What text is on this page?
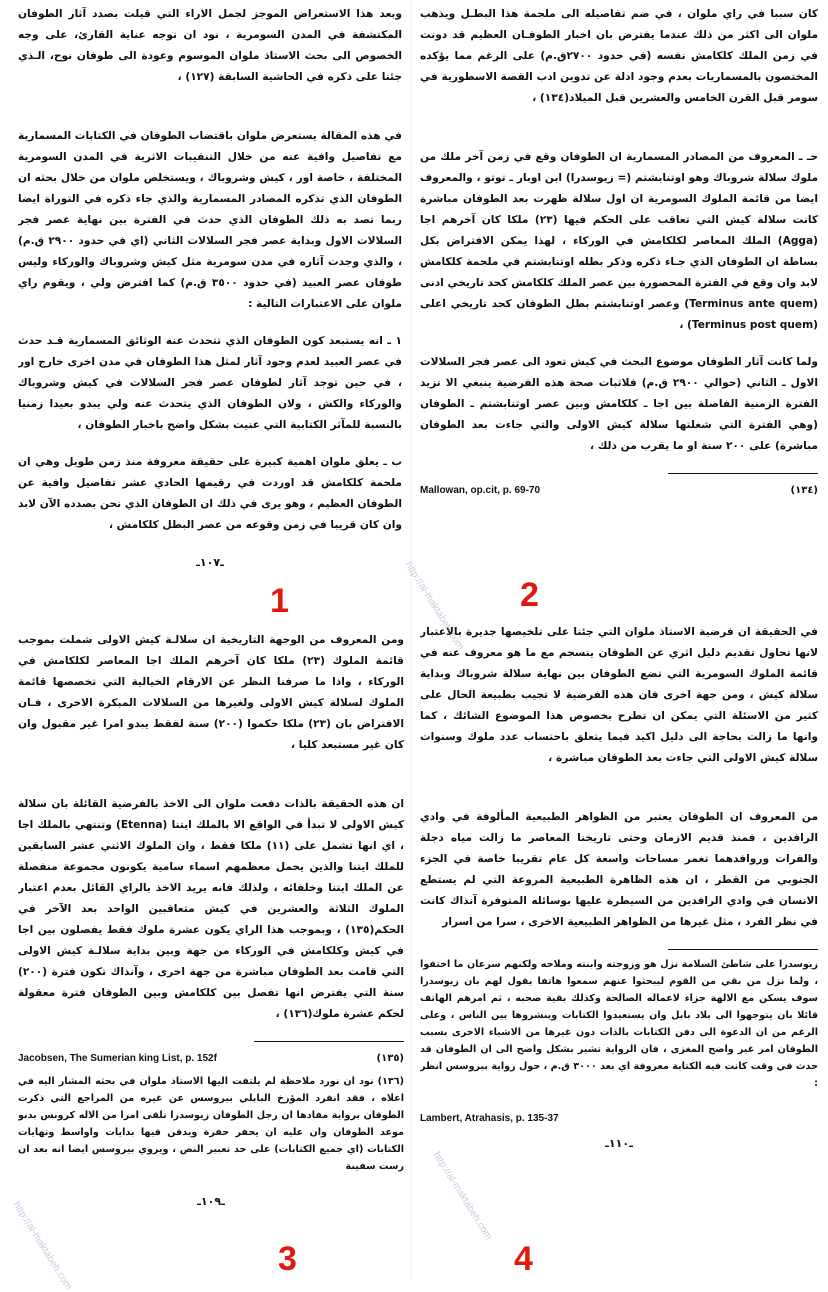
وبعد هذا الاستعراض الموجز لجمل الاراء التي قيلت بصدد آثار الطوفان المكتشفة في المدن السومرية ، نود ان نوجه عناية القارئ، على وجه الخصوص الى بحث الاستاذ ملوان الموسوم وعودة الى طوفان نوح، الـذي جئنا على ذكره في الحاشية السابقة (١٢٧) ،

في هذه المقالة يستعرض ملوان باقتضاب الطوفان في الكتابات المسمارية مع تفاصيل وافية عنه من خلال التنقيبات الاثرية في المدن السومرية المختلفة ، خاصة اور ، كيش وشروباك ، ويستخلص ملوان من خلال بحثه ان الطوفان الذي تذكره المصادر المسمارية والذي جاء ذكره في التوراة ايضا ربما تصد به ذلك الطوفان الذي حدث في الفترة بين نهاية عصر فجر السلالات الاول وبداية عصر فجر السلالات الثاني (اي في حدود ٢٩٠٠ ق.م) ، والذي وجدت آثاره في مدن سومرية مثل كيش وشروباك والوركاء وليس طوفان عصر العبيد (في حدود ٣٥٠٠ ق.م) كما افترض ولي ، ويقوم راي ملوان على الاعتبارات التالية :

١ ـ انه يستبعد كون الطوفان الذي تتحدث عنه الوثائق المسمارية قـد حدث في عصر العبيد لعدم وجود آثار لمثل هذا الطوفان في مدن اخرى خارج اور ، في حين توجد آثار لطوفان عصر فجر السلالات في كيش وشروباك والوركاء والكش ، ولان الطوفان الذي يتحدث عنه ولي يبدو بعيدا زمنيا بالنسبة للمآثر الكتابية التي عنيت بشكل واضح باخبار الطوفان ،

ب ـ يعلق ملوان اهمية كبيرة على حقيقة معروفة منذ زمن طويل وهي ان ملحمة كلكامش قد اوردت في رقيمها الحادي عشر تفاصيل وافية عن الطوفان العظيم ، وهو يرى في ذلك ان الطوفان الذي نحن بصدده الآن لابد وان كان قريبا في زمن وقوعه من عصر البطل كلكامش ،

ـ١٠٧ـ

كان سببا في راي ملوان ، في ضم تفاصيله الى ملحمة هذا البطـل ويذهب ملوان الى اكثر من ذلك عندما يفترض بان اخبار الطوفـان العظيم قد دونت في زمن الملك كلكامش نفسه (في حدود ٢٧٠٠ق.م) على الرغم مما يؤكده المختصون بالمسماريات بعدم وجود ادلة عن تدوين ادب القصة الاسطورية في سومر قبل القرن الخامس والعشرين قبل الميلاد(١٣٤) ،

حـ ـ المعروف من المصادر المسمارية ان الطوفان وقع في زمن آخر ملك من ملوك سلالة شروباك وهو اوتنابشتم (= زيوسدرا) ابن اوبار ـ توتو ، والمعروف ايضا من قائمة الملوك السومرية ان اول سلالة ظهرت بعد الطوفان مباشرة كانت سلالة كيش التي تعاقب على الحكم فيها (٢٣) ملكا كان آخرهم اجا (Agga) الملك المعاصر لكلكامش في الوركاء ، لهذا يمكن الافتراض بكل بساطة ان الطوفان الذي جـاء ذكره وذكر بطله اوتنابشتم في ملحمة كلكامش لابد وان وقع في الفترة المحصورة بين عصر الملك كلكامش كحد تاريخي ادنى (Terminus ante quem) وعصر اوتنابشتم بطل الطوفان كحد تاريخي اعلى (Terminus post quem) ،

ولما كانت آثار الطوفان موضوع البحث في كيش تعود الى عصر فجر السلالات الاول ـ الثاني (حوالي ٢٩٠٠ ق.م) فلاثبات صحة هذه الفرضية ينبغي الا تزيد الفترة الزمنية الفاصلة بين اجا ـ كلكامش وبين عصر اوتنابشتم ـ الطوفان (وهي الفترة التي شغلتها سلالة كيش الاولى والتي جاءت بعد الطوفان مباشرة) على ٢٠٠ سنة او ما يقرب من ذلك ،

Mallowan, op.cit, p. 69-70	(١٣٤)

ومن المعروف من الوجهة التاريخية ان سلالـة كيش الاولى شملت بموجب قائمة الملوك (٢٣) ملكا كان آخرهم الملك اجا المعاصر لكلكامش في الوركاء ، واذا ما صرفنا النظر عن الارقام الخيالية التي تخصصها قائمة الملوك لسلالة كيش الاولى ولغيرها من السلالات المبكرة الاخرى ، فـان الافتراض بان (٢٣) ملكا حكموا (٢٠٠) سنة لفقط يبدو امرا غير مقبول وان كان غير مستبعد كليا ،

ان هذه الحقيقة بالذات دفعت ملوان الى الاخذ بالفرضية القائلة بان سلالة كيش الاولى لا تبدأ في الواقع الا بالملك ايتنا (Etenna) وتنتهي بالملك اجا ، اي انها تشمل على (١١) ملكا فقط ، وان الملوك الاثني عشر السابقين للملك ايتنا والذين يحمل معظمهم اسماء سامية يكونون مجموعة منفصلة عن الملك ايتنا وخلفائه ، ولذلك فانه يريد الاخذ بالراي القائل بعدم اعتبار الملوك الثلاثة والعشرين في كيش متعاقبين الواحد بعد الآخر في الحكم(١٣٥) ، وبموجب هذا الراي يكون عشرة ملوك فقط يفصلون بين اجا في كيش وكلكامش في الوركاء من جهة وبين بداية سلالـة كيش الاولى التي قامت بعد الطوفان مباشرة من جهة اخرى ، وآنذاك تكون فترة (٢٠٠) سنة التي يفترض انها تفصل بين كلكامش وبين الطوفان فترة معقولة لحكم عشرة ملوك(١٣٦) ،

Jacobsen, The Sumerian king List, p. 152f	(١٣٥)

(١٣٦) نود ان نورد ملاحظة لم يلتفت اليها الاستاذ ملوان في بحثه المشار اليه في اعلاه ، فقد انفرد المؤرخ البابلي بيروسس عن غيره من المراجع التي ذكرت الطوفان برواية مفادها ان رجل الطوفان زيوسدرا تلقى امرا من الاله كرونس بدنو موعد الطوفان وان عليه ان يحفر حفرة ويدفن فيها بدايات واواسط ونهايات الكتابات (اي جميع الكتابات) على حد تعبير النص ، ويروي بيروسس ايضا انه بعد ان رست سفينة

ـ١٠٩ـ

في الحقيقة ان فرضية الاستاذ ملوان التي جئنا على تلخيصها جديرة بالاعتبار لانها تحاول تقديم دليل اثري عن الطوفان ينسجم مع ما هو معروف عنه في قائمة الملوك السومرية التي تضع الطوفان بين نهاية سلالة شروباك وبداية سلالة كيش ، ومن جهة اخرى فان هذه الفرضية لا تجيب بطبيعة الحال على كثير من الاسئلة التي يمكن ان تطرح بخصوص هذا الموضوع الشائك ، كما وانها ما زالت بحاجة الى دليل اكيد فيما يتعلق باحتساب عدد ملوك وسنوات سلالة كيش الاولى التي جاءت بعد الطوفان مباشرة ،

من المعروف ان الطوفان يعتبر من الظواهر الطبيعية المألوفة في وادي الرافدين ، فمنذ قديم الازمان وحتى تاريخنا المعاصر ما زالت مياه دجلة والفرات وروافدهما تغمر مساحات واسعة كل عام تقريبا خاصة في الجزء الجنوبي من القطر ، ان هذه الظاهرة الطبيعية المروعة التي لم يستطع الانسان في وادي الرافدين من السيطرة عليها بوسائله المتوفرة آنذاك كانت في نظر الفرد ، مثل غيرها من الظواهر الطبيعية الاخرى ، سرا من اسرار

زيوسدرا على شاطئ السلامة نزل هو وزوجته وابنته وملاحه ولكنهم سرعان ما اختفوا ، ولما نزل من بقي من القوم ليبحثوا عنهم سمعوا هاتفا يقول لهم بان زيوسدرا سوف يسكن مع الالهة جزاء لاعماله الصالحة وكذلك بقية صحبه ، ثم امرهم الهاتف قائلا بان يتوجهوا الى بلاد بابل وان يستعيدوا الكتابات وينشروها بين الناس ، وعلى الرغم من ان الدعوة الى دفن الكتابات بالذات دون غيرها من الاشياء الاخرى بسبب الطوفان امر غير واضح المغزى ، فان الرواية تشير بشكل واضح الى ان الطوفان قد حدث في وقت كانت فيه الكتابة معروفة اي بعد ٣٠٠٠ ق.م ، حول رواية بيروسس انظر :

Lambert, Atrahasis, p. 135-37
ـ١١٠ـ
http://al-maktabeh.com
http://al-maktabeh.com
http://al-maktabeh.com
1	2
3	4
